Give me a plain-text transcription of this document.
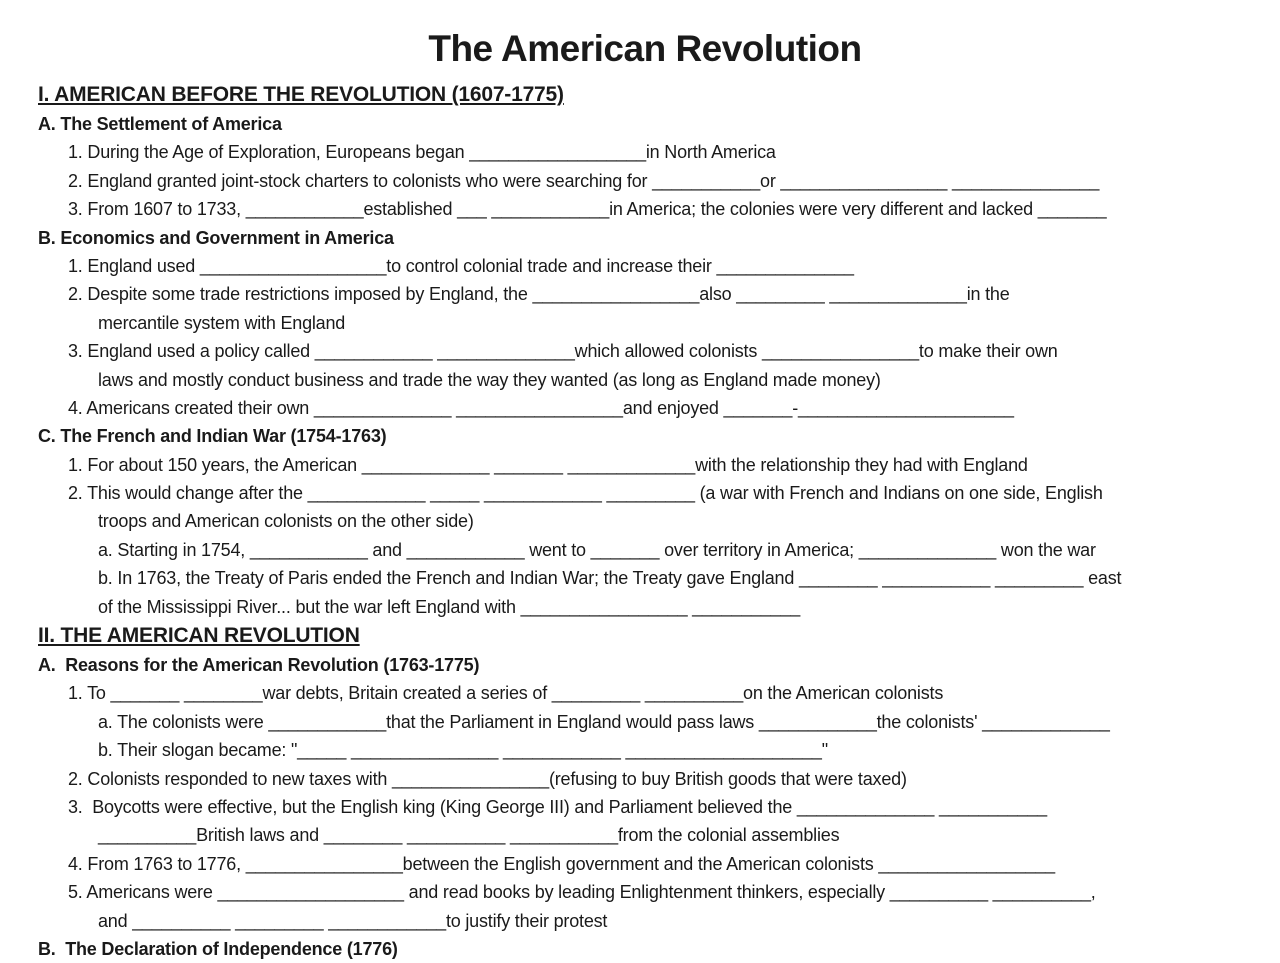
The American Revolution
I. AMERICAN BEFORE THE REVOLUTION (1607-1775)
A. The Settlement of America
1. During the Age of Exploration, Europeans began __________________in North America
2. England granted joint-stock charters to colonists who were searching for ___________or _________________ _______________
3. From 1607 to 1733, ____________established ___ ____________in America; the colonies were very different and lacked _______
B. Economics and Government in America
1. England used ___________________to control colonial trade and increase their ______________
2. Despite some trade restrictions imposed by England, the _________________also _________ ______________in the
mercantile system with England
3. England used a policy called ____________ ______________which allowed colonists ________________to make their own
laws and mostly conduct business and trade the way they wanted (as long as England made money)
4. Americans created their own ______________ _________________and enjoyed _______-______________________
C. The French and Indian War (1754-1763)
1. For about 150 years, the American _____________ _______ _____________with the relationship they had with England
2. This would change after the ____________ _____ ____________ _________ (a war with French and Indians on one side, English
troops and American colonists on the other side)
a. Starting in 1754, ____________ and ____________ went to _______ over territory in America; ______________ won the war
b. In 1763, the Treaty of Paris ended the French and Indian War; the Treaty gave England ________ ___________ _________ east
of the Mississippi River... but the war left England with _________________ ___________
II. THE AMERICAN REVOLUTION
A.  Reasons for the American Revolution (1763-1775)
1. To _______ ________war debts, Britain created a series of _________ __________on the American colonists
a. The colonists were ____________that the Parliament in England would pass laws ____________the colonists' _____________
b. Their slogan became: "_____ _______________ ____________ ____________________"
2. Colonists responded to new taxes with ________________(refusing to buy British goods that were taxed)
3.  Boycotts were effective, but the English king (King George III) and Parliament believed the ______________ ___________
__________British laws and ________ __________ ___________from the colonial assemblies
4. From 1763 to 1776, ________________between the English government and the American colonists __________________
5. Americans were ___________________ and read books by leading Enlightenment thinkers, especially __________ __________,
and __________ _________ ____________to justify their protest
B.  The Declaration of Independence (1776)
